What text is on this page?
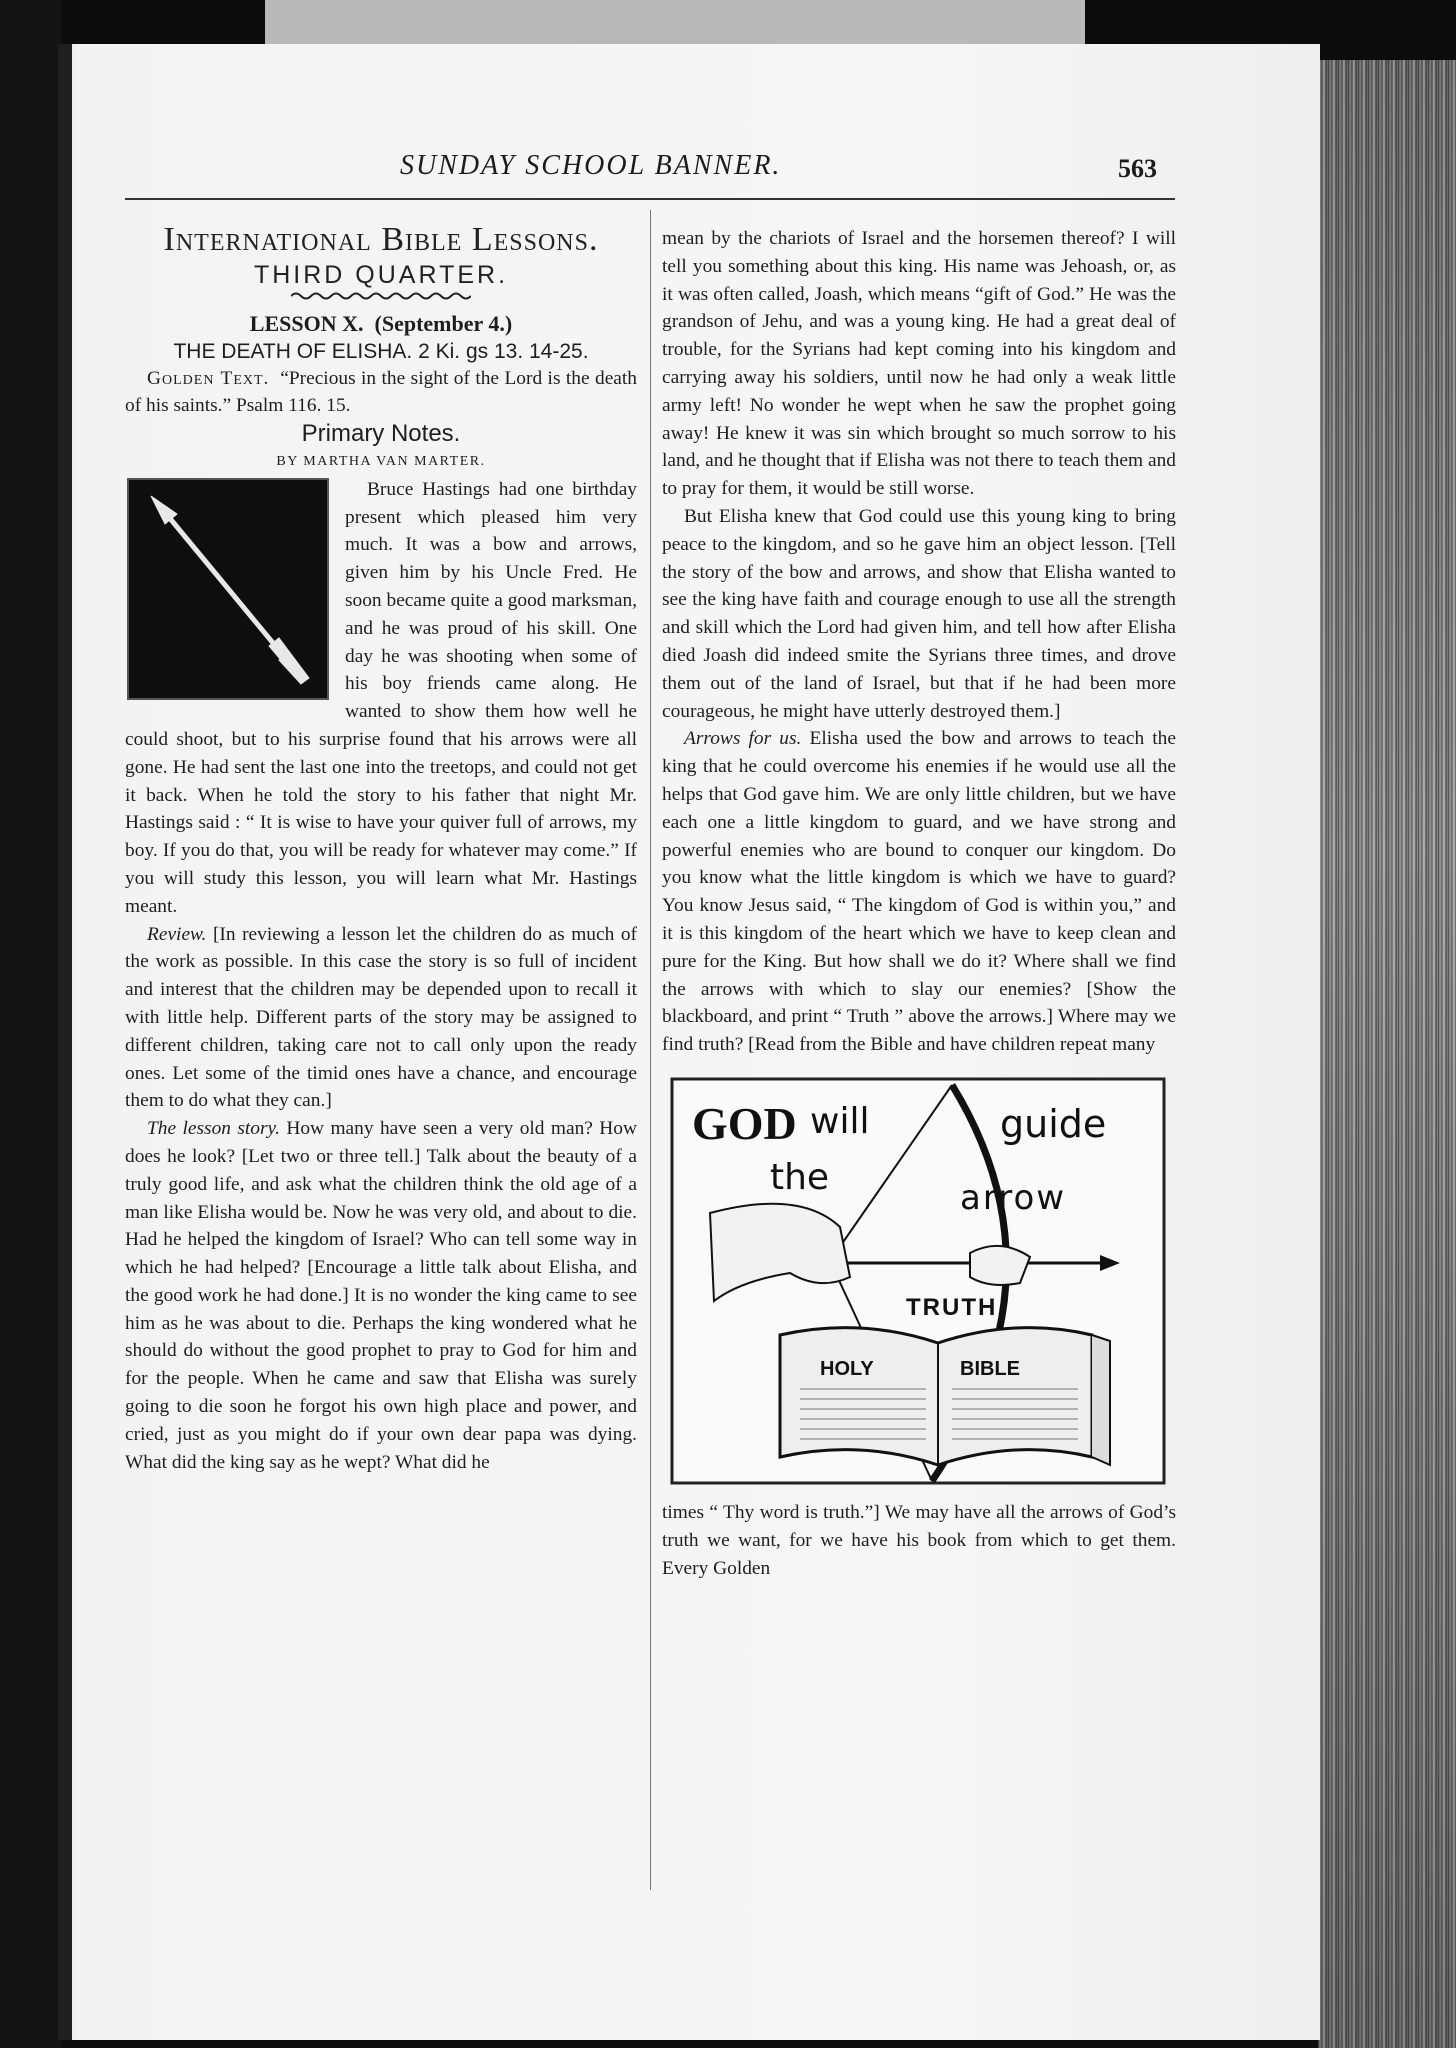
SUNDAY SCHOOL BANNER.	563

International Bible Lessons.

THIRD QUARTER.

LESSON X. (September 4.)

THE DEATH OF ELISHA. 2 Ki. gs 13. 14-25.

Golden Text. “Precious in the sight of the Lord is the death of his saints.” Psalm 116. 15.

Primary Notes.

BY MARTHA VAN MARTER.

Bruce Hastings had one birthday present which pleased him very much. It was a bow and arrows, given him by his Uncle Fred. He soon became quite a good marksman, and he was proud of his skill. One day he was shooting when some of his boy friends came along. He wanted to show them how well he could shoot, but to his surprise found that his arrows were all gone. He had sent the last one into the treetops, and could not get it back. When he told the story to his father that night Mr. Hastings said : “ It is wise to have your quiver full of arrows, my boy. If you do that, you will be ready for whatever may come.” If you will study this lesson, you will learn what Mr. Hastings meant.

Review. [In reviewing a lesson let the children do as much of the work as possible. In this case the story is so full of incident and interest that the children may be depended upon to recall it with little help. Different parts of the story may be assigned to different children, taking care not to call only upon the ready ones. Let some of the timid ones have a chance, and encourage them to do what they can.]

The lesson story. How many have seen a very old man? How does he look? [Let two or three tell.] Talk about the beauty of a truly good life, and ask what the children think the old age of a man like Elisha would be. Now he was very old, and about to die. Had he helped the kingdom of Israel? Who can tell some way in which he had helped? [Encourage a little talk about Elisha, and the good work he had done.] It is no wonder the king came to see him as he was about to die. Perhaps the king wondered what he should do without the good prophet to pray to God for him and for the people. When he came and saw that Elisha was surely going to die soon he forgot his own high place and power, and cried, just as you might do if your own dear papa was dying. What did the king say as he wept? What did he

mean by the chariots of Israel and the horsemen thereof? I will tell you something about this king. His name was Jehoash, or, as it was often called, Joash, which means “gift of God.” He was the grandson of Jehu, and was a young king. He had a great deal of trouble, for the Syrians had kept coming into his kingdom and carrying away his soldiers, until now he had only a weak little army left! No wonder he wept when he saw the prophet going away! He knew it was sin which brought so much sorrow to his land, and he thought that if Elisha was not there to teach them and to pray for them, it would be still worse.

But Elisha knew that God could use this young king to bring peace to the kingdom, and so he gave him an object lesson. [Tell the story of the bow and arrows, and show that Elisha wanted to see the king have faith and courage enough to use all the strength and skill which the Lord had given him, and tell how after Elisha died Joash did indeed smite the Syrians three times, and drove them out of the land of Israel, but that if he had been more courageous, he might have utterly destroyed them.]

Arrows for us. Elisha used the bow and arrows to teach the king that he could overcome his enemies if he would use all the helps that God gave him. We are only little children, but we have each one a little kingdom to guard, and we have strong and powerful enemies who are bound to conquer our kingdom. Do you know what the little kingdom is which we have to guard? You know Jesus said, “ The kingdom of God is within you,” and it is this kingdom of the heart which we have to keep clean and pure for the King. But how shall we do it? Where shall we find the arrows with which to slay our enemies? [Show the blackboard, and print “ Truth ” above the arrows.] Where may we find truth? [Read from the Bible and have children repeat many

GOD will	guide
the	arrow
TRUTH
HOLY	BIBLE

times “ Thy word is truth.”] We may have all the arrows of God’s truth we want, for we have his book from which to get them. Every Golden
